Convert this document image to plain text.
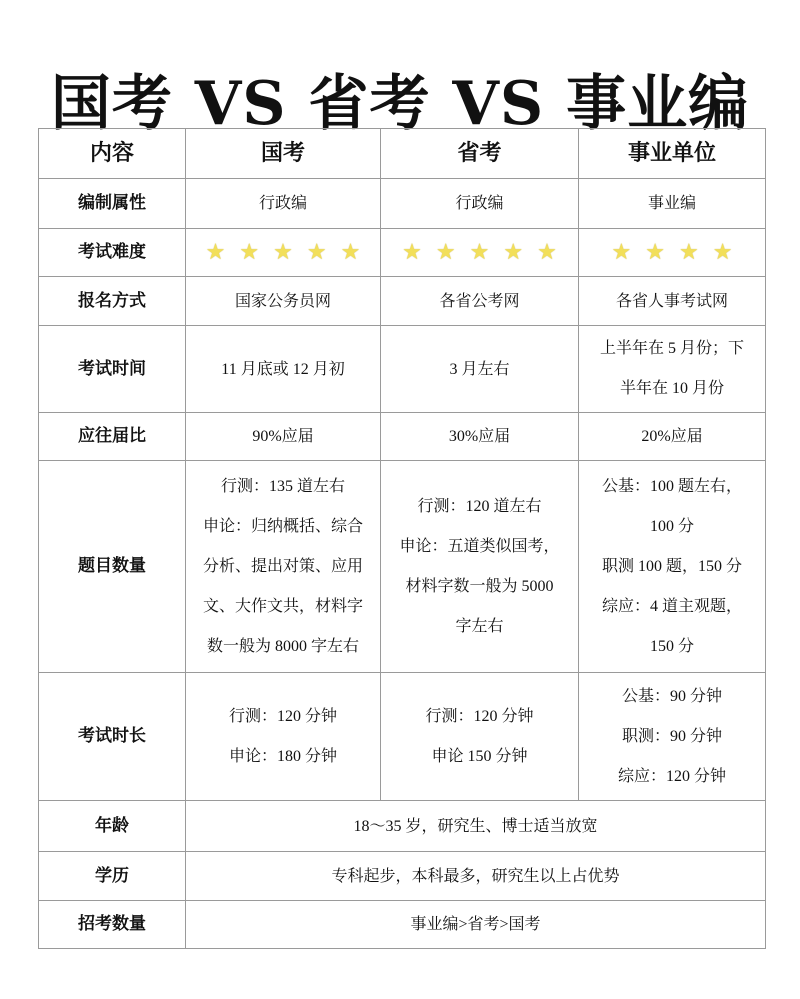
国考 VS 省考 VS 事业编
内容	国考	省考	事业单位
编制属性	行政编	行政编	事业编
考试难度	★ ★ ★ ★ ★	★ ★ ★ ★ ★	★ ★ ★ ★
报名方式	国家公务员网	各省公考网	各省人事考试网
考试时间	11 月底或 12 月初	3 月左右	上半年在 5 月份；下
半年在 10 月份

应往届比	90%应届	30%应届	20%应届
题目数量	行测：135 道左右
申论：归纳概括、综合
分析、提出对策、应用
文、大作文共，材料字
数一般为 8000 字左右	行测：120 道左右
申论：五道类似国考，
材料字数一般为 5000
字左右	公基：100 题左右，
100 分
职测 100 题，150 分
综应：4 道主观题，
150 分

考试时长	行测：120 分钟
申论：180 分钟	行测：120 分钟
申论 150 分钟	公基：90 分钟
职测：90 分钟
综应：120 分钟

年龄	18～35 岁，研究生、博士适当放宽		
学历	专科起步，本科最多，研究生以上占优势		
招考数量	事业编>省考>国考		
